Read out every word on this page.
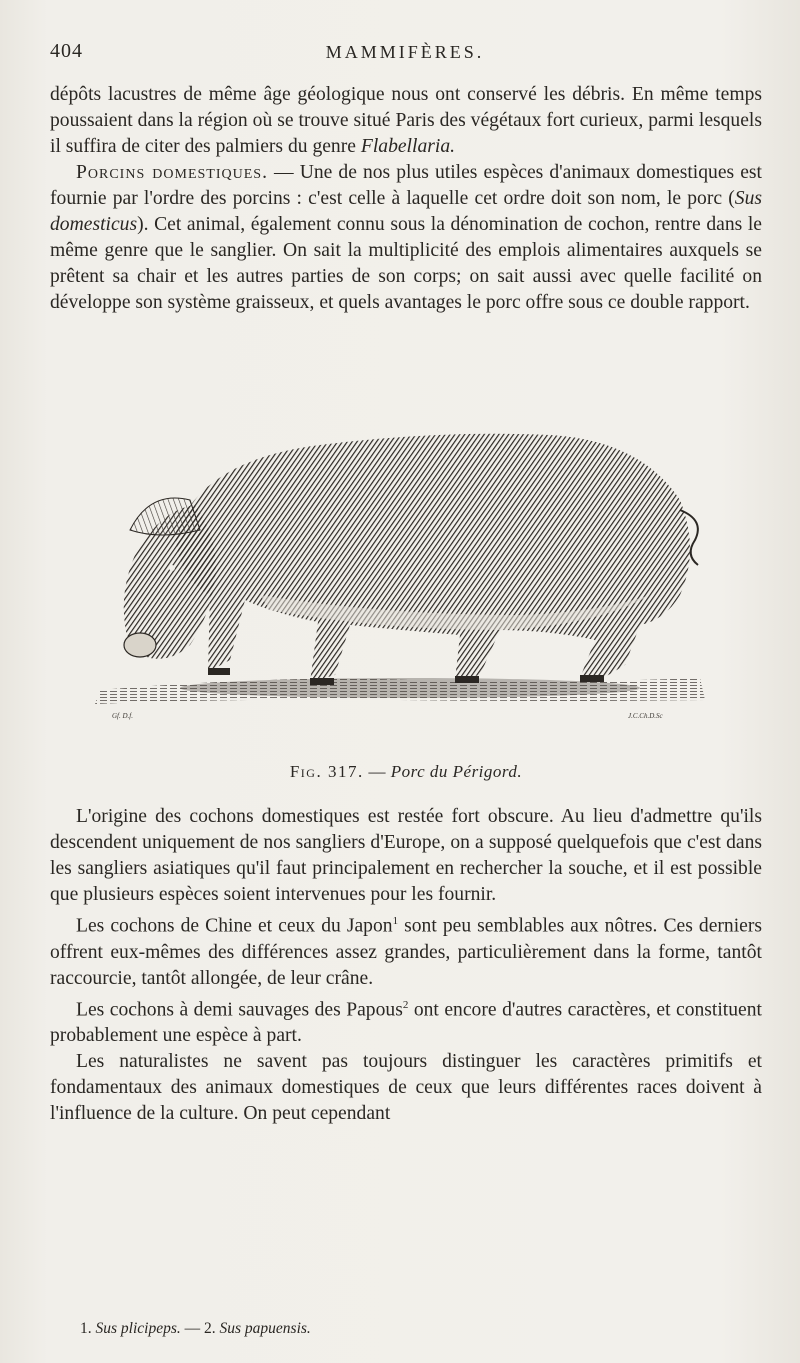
404	MAMMIFÈRES.

dépôts lacustres de même âge géologique nous ont conservé les débris. En même temps poussaient dans la région où se trouve situé Paris des végétaux fort curieux, parmi lesquels il suffira de citer des palmiers du genre Flabellaria.

Porcins domestiques. — Une de nos plus utiles espèces d'animaux domestiques est fournie par l'ordre des porcins : c'est celle à laquelle cet ordre doit son nom, le porc (Sus domesticus). Cet animal, également connu sous la dénomination de cochon, rentre dans le même genre que le sanglier. On sait la multiplicité des emplois alimentaires auxquels se prêtent sa chair et les autres parties de son corps; on sait aussi avec quelle facilité on développe son système graisseux, et quels avantages le porc offre sous ce double rapport.

Gf. D.f.	J.C.Ch.D.Sc
Fig. 317. — Porc du Périgord.

L'origine des cochons domestiques est restée fort obscure. Au lieu d'admettre qu'ils descendent uniquement de nos sangliers d'Europe, on a supposé quelquefois que c'est dans les sangliers asiatiques qu'il faut principalement en rechercher la souche, et il est possible que plusieurs espèces soient intervenues pour les fournir.

Les cochons de Chine et ceux du Japon$^1$ sont peu semblables aux nôtres. Ces derniers offrent eux-mêmes des différences assez grandes, particulièrement dans la forme, tantôt raccourcie, tantôt allongée, de leur crâne.

Les cochons à demi sauvages des Papous$^2$ ont encore d'autres caractères, et constituent probablement une espèce à part.

Les naturalistes ne savent pas toujours distinguer les caractères primitifs et fondamentaux des animaux domestiques de ceux que leurs différentes races doivent à l'influence de la culture. On peut cependant

1. Sus plicipeps. — 2. Sus papuensis.
